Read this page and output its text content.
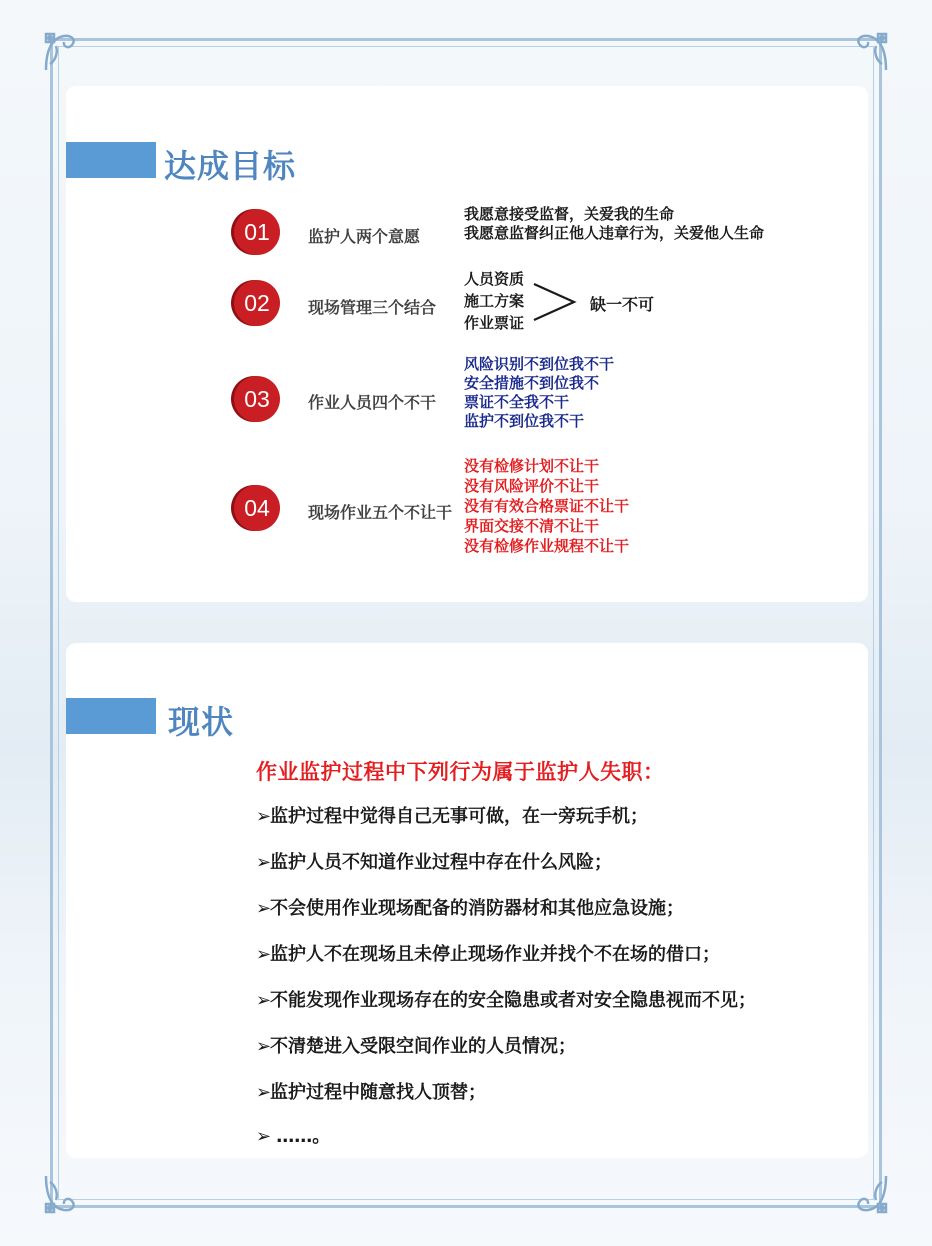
达成目标
01	监护人两个意愿
我愿意接受监督，关爱我的生命
我愿意监督纠正他人违章行为，关爱他人生命
02	现场管理三个结合
人员资质
施工方案
作业票证
缺一不可
03	作业人员四个不干
风险识别不到位我不干
安全措施不到位我不
票证不全我不干
监护不到位我不干
04	现场作业五个不让干
没有检修计划不让干
没有风险评价不让干
没有有效合格票证不让干
界面交接不清不让干
没有检修作业规程不让干
现状
作业监护过程中下列行为属于监护人失职：
➢监护过程中觉得自己无事可做，在一旁玩手机；
➢监护人员不知道作业过程中存在什么风险；
➢不会使用作业现场配备的消防器材和其他应急设施；
➢监护人不在现场且未停止现场作业并找个不在场的借口；
➢不能发现作业现场存在的安全隐患或者对安全隐患视而不见；
➢不清楚进入受限空间作业的人员情况；
➢监护过程中随意找人顶替；
➢ ……。
